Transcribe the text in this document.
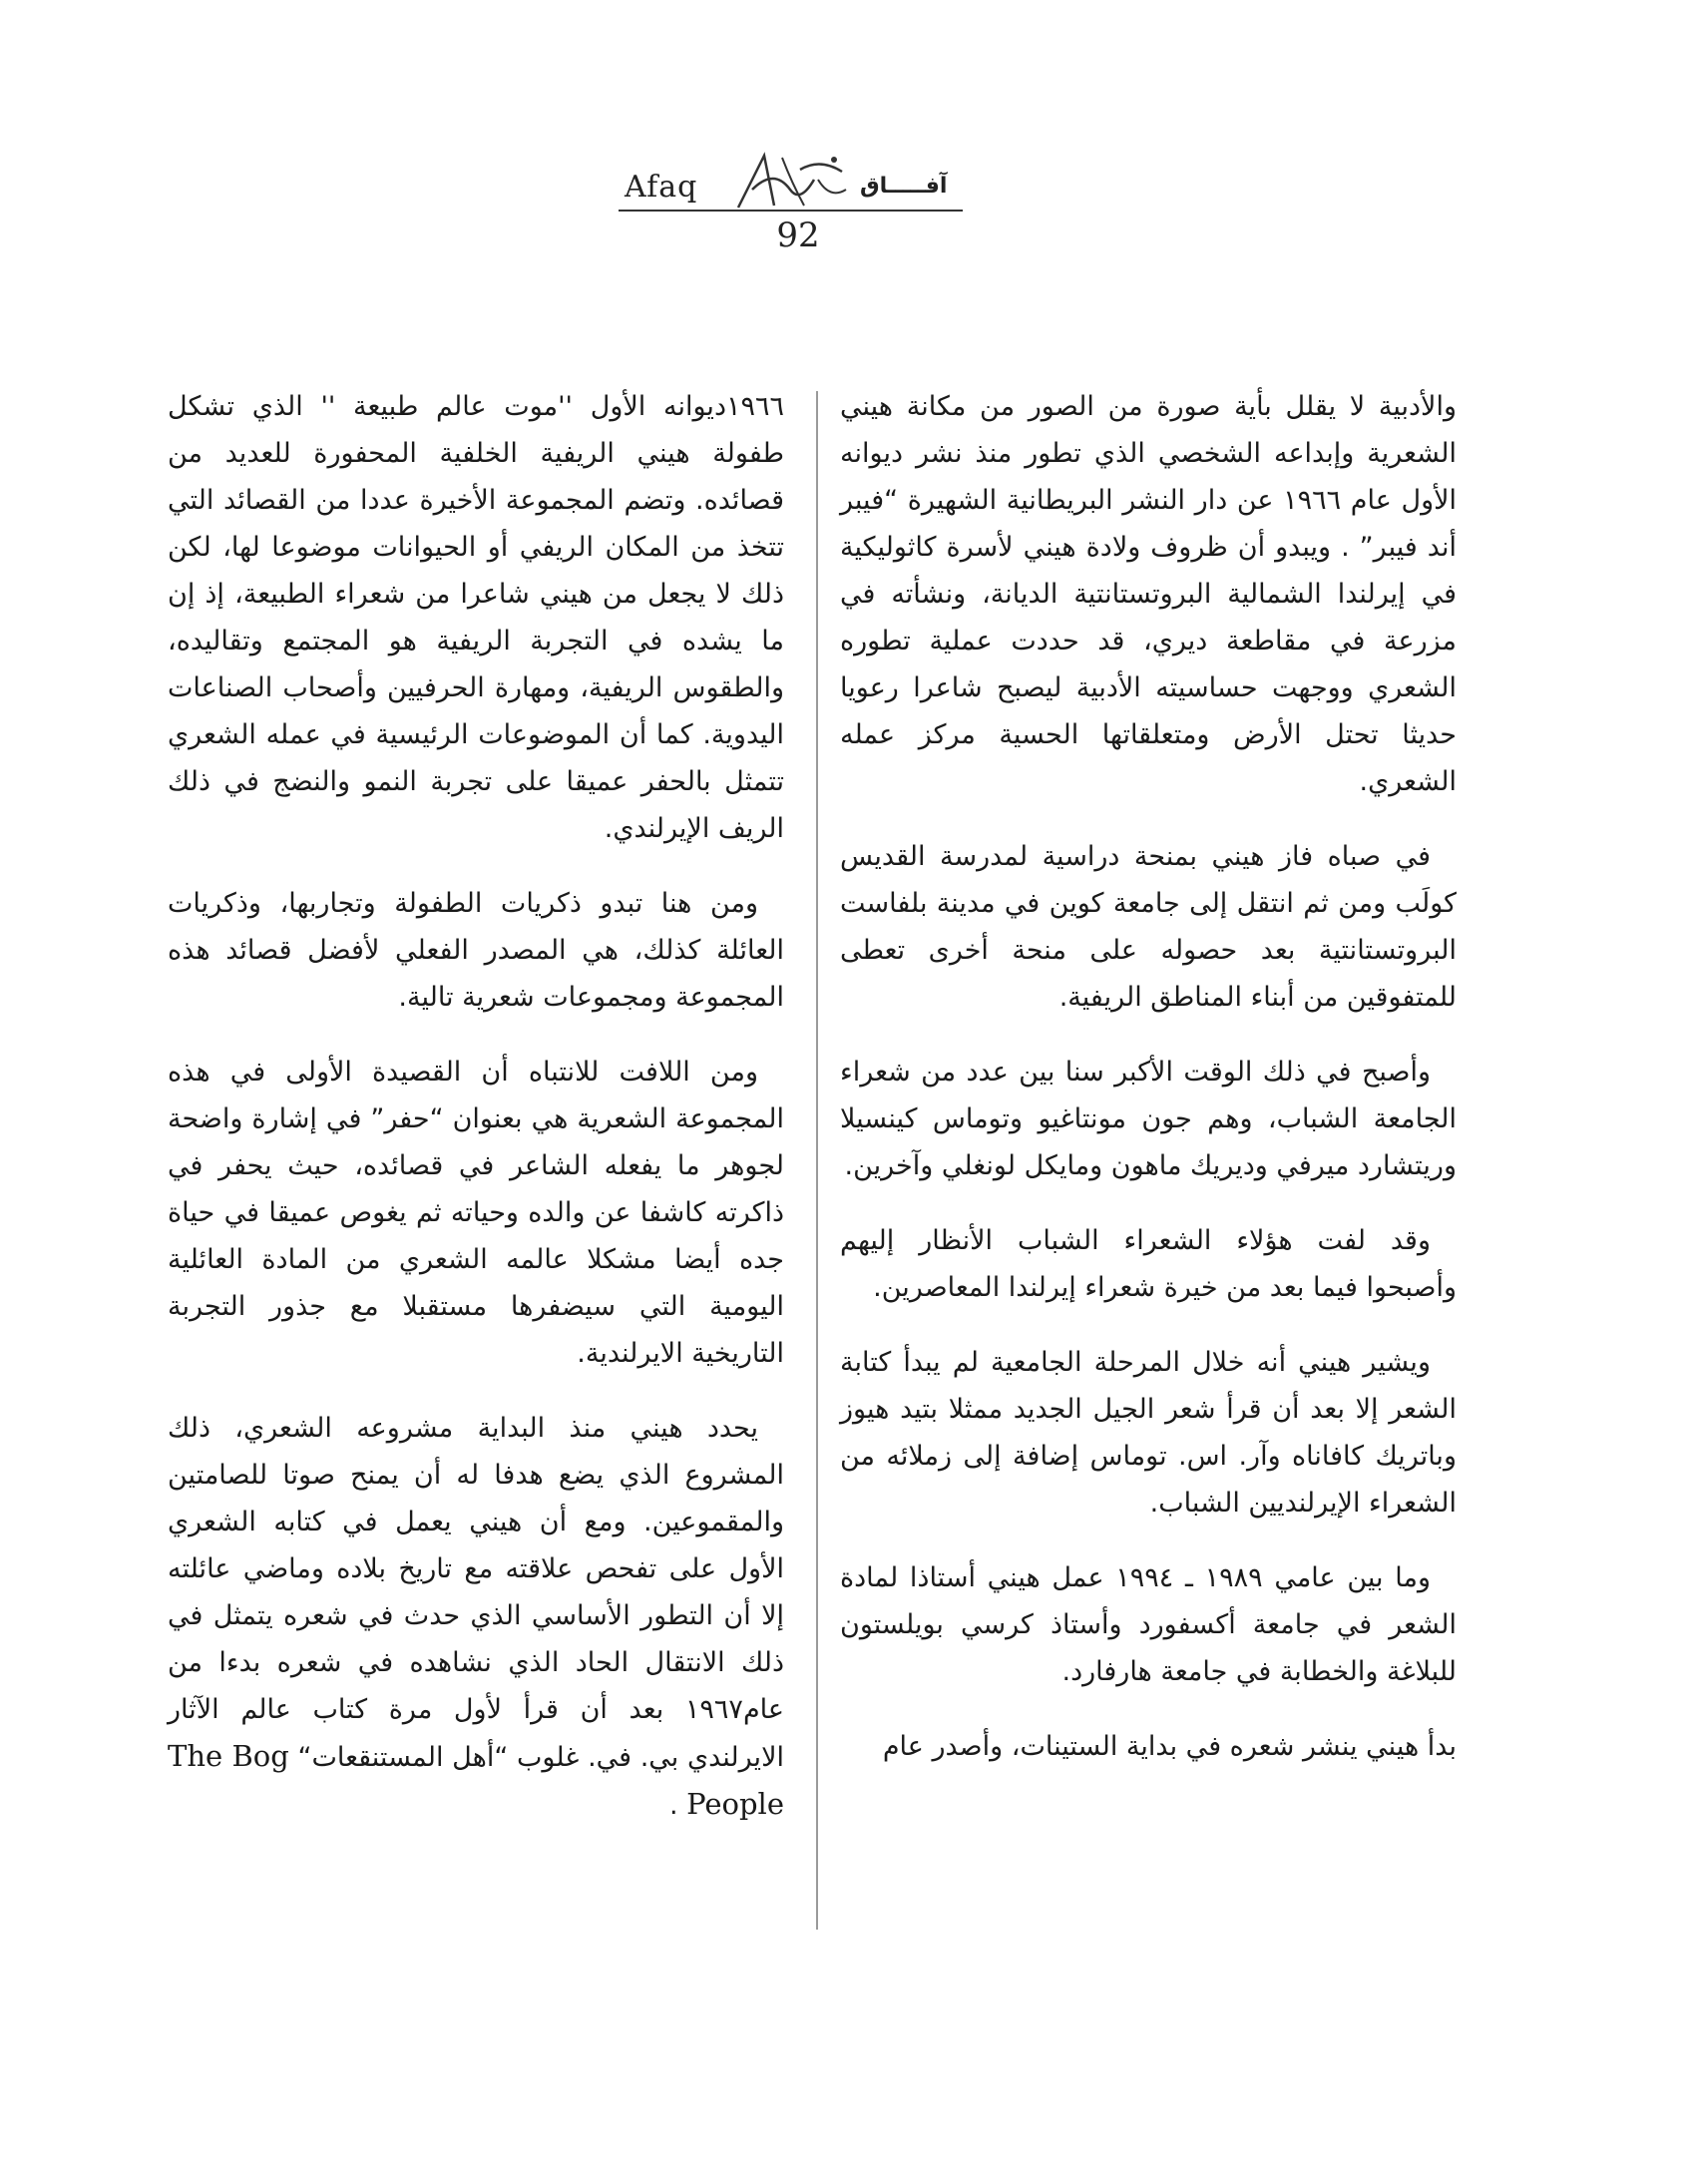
Afaq	آفـــــاق
92

والأدبية لا يقلل بأية صورة من الصور من مكانة هيني الشعرية وإبداعه الشخصي الذي تطور منذ نشر ديوانه الأول عام ١٩٦٦ عن دار النشر البريطانية الشهيرة “فيبر أند فيبر” . ويبدو أن ظروف ولادة هيني لأسرة كاثوليكية في إيرلندا الشمالية البروتستانتية الديانة، ونشأته في مزرعة في مقاطعة ديري، قد حددت عملية تطوره الشعري ووجهت حساسيته الأدبية ليصبح شاعرا رعويا حديثا تحتل الأرض ومتعلقاتها الحسية مركز عمله الشعري.

في صباه فاز هيني بمنحة دراسية لمدرسة القديس كولَب ومن ثم انتقل إلى جامعة كوين في مدينة بلفاست البروتستانتية بعد حصوله على منحة أخرى تعطى للمتفوقين من أبناء المناطق الريفية.

وأصبح في ذلك الوقت الأكبر سنا بين عدد من شعراء الجامعة الشباب، وهم جون مونتاغيو وتوماس كينسيلا وريتشارد ميرفي وديريك ماهون ومايكل لونغلي وآخرين.

وقد لفت هؤلاء الشعراء الشباب الأنظار إليهم وأصبحوا فيما بعد من خيرة شعراء إيرلندا المعاصرين.

ويشير هيني أنه خلال المرحلة الجامعية لم يبدأ كتابة الشعر إلا بعد أن قرأ شعر الجيل الجديد ممثلا بتيد هيوز وباتريك كافاناه وآر. اس. توماس إضافة إلى زملائه من الشعراء الإيرلنديين الشباب.

وما بين عامي ١٩٨٩ ـ ١٩٩٤ عمل هيني أستاذا لمادة الشعر في جامعة أكسفورد وأستاذ كرسي بويلستون للبلاغة والخطابة في جامعة هارفارد.

بدأ هيني ينشر شعره في بداية الستينات، وأصدر عام

١٩٦٦ديوانه الأول ''موت عالم طبيعة '' الذي تشكل طفولة هيني الريفية الخلفية المحفورة للعديد من قصائده. وتضم المجموعة الأخيرة عددا من القصائد التي تتخذ من المكان الريفي أو الحيوانات موضوعا لها، لكن ذلك لا يجعل من هيني شاعرا من شعراء الطبيعة، إذ إن ما يشده في التجربة الريفية هو المجتمع وتقاليده، والطقوس الريفية، ومهارة الحرفيين وأصحاب الصناعات اليدوية. كما أن الموضوعات الرئيسية في عمله الشعري تتمثل بالحفر عميقا على تجربة النمو والنضج في ذلك الريف الإيرلندي.

ومن هنا تبدو ذكريات الطفولة وتجاربها، وذكريات العائلة كذلك، هي المصدر الفعلي لأفضل قصائد هذه المجموعة ومجموعات شعرية تالية.

ومن اللافت للانتباه أن القصيدة الأولى في هذه المجموعة الشعرية هي بعنوان “حفر” في إشارة واضحة لجوهر ما يفعله الشاعر في قصائده، حيث يحفر في ذاكرته كاشفا عن والده وحياته ثم يغوص عميقا في حياة جده أيضا مشكلا عالمه الشعري من المادة العائلية اليومية التي سيضفرها مستقبلا مع جذور التجربة التاريخية الايرلندية.

يحدد هيني منذ البداية مشروعه الشعري، ذلك المشروع الذي يضع هدفا له أن يمنح صوتا للصامتين والمقموعين. ومع أن هيني يعمل في كتابه الشعري الأول على تفحص علاقته مع تاريخ بلاده وماضي عائلته إلا أن التطور الأساسي الذي حدث في شعره يتمثل في ذلك الانتقال الحاد الذي نشاهده في شعره بدءا من عام١٩٦٧ بعد أن قرأ لأول مرة كتاب عالم الآثار الايرلندي بي. في. غلوب “أهل المستنقعات“ The Bog People .
